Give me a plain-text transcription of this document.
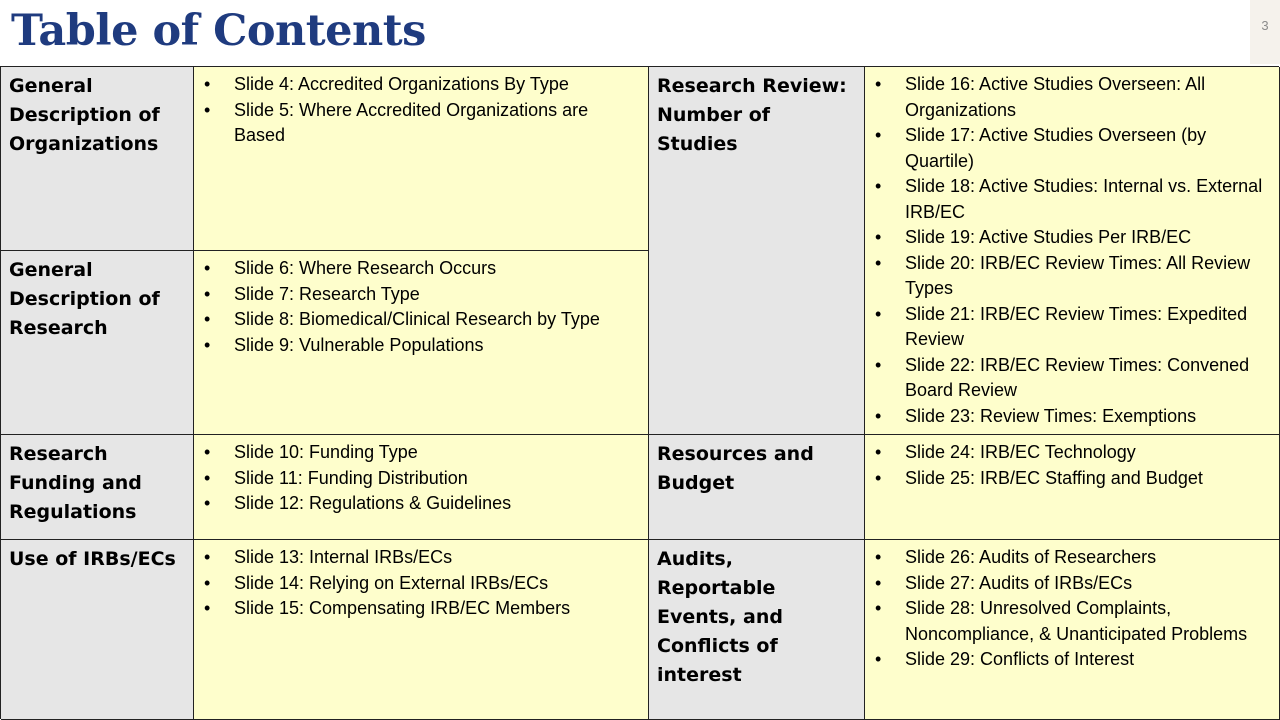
Table of Contents	3
General Description of Organizations
• Slide 4: Accredited Organizations By Type
• Slide 5: Where Accredited Organizations are Based
General Description of Research
• Slide 6: Where Research Occurs
• Slide 7: Research Type
• Slide 8: Biomedical/Clinical Research by Type
• Slide 9: Vulnerable Populations
Research Review: Number of Studies
• Slide 16: Active Studies Overseen: All Organizations
• Slide 17: Active Studies Overseen (by Quartile)
• Slide 18: Active Studies: Internal vs. External IRB/EC
• Slide 19: Active Studies Per IRB/EC
• Slide 20: IRB/EC Review Times: All Review Types
• Slide 21: IRB/EC Review Times: Expedited Review
• Slide 22: IRB/EC Review Times: Convened Board Review
• Slide 23: Review Times: Exemptions
Research Funding and Regulations
• Slide 10: Funding Type
• Slide 11: Funding Distribution
• Slide 12: Regulations & Guidelines
Resources and Budget
• Slide 24: IRB/EC Technology
• Slide 25: IRB/EC Staffing and Budget
Use of IRBs/ECs
•	Slide 13: Internal IRBs/ECs
• Slide 14: Relying on External IRBs/ECs
• Slide 15: Compensating IRB/EC Members
Audits, Reportable Events, and Conflicts of interest
• Slide 26: Audits of Researchers
• Slide 27: Audits of IRBs/ECs
• Slide 28: Unresolved Complaints, Noncompliance, & Unanticipated Problems
• Slide 29: Conflicts of Interest
